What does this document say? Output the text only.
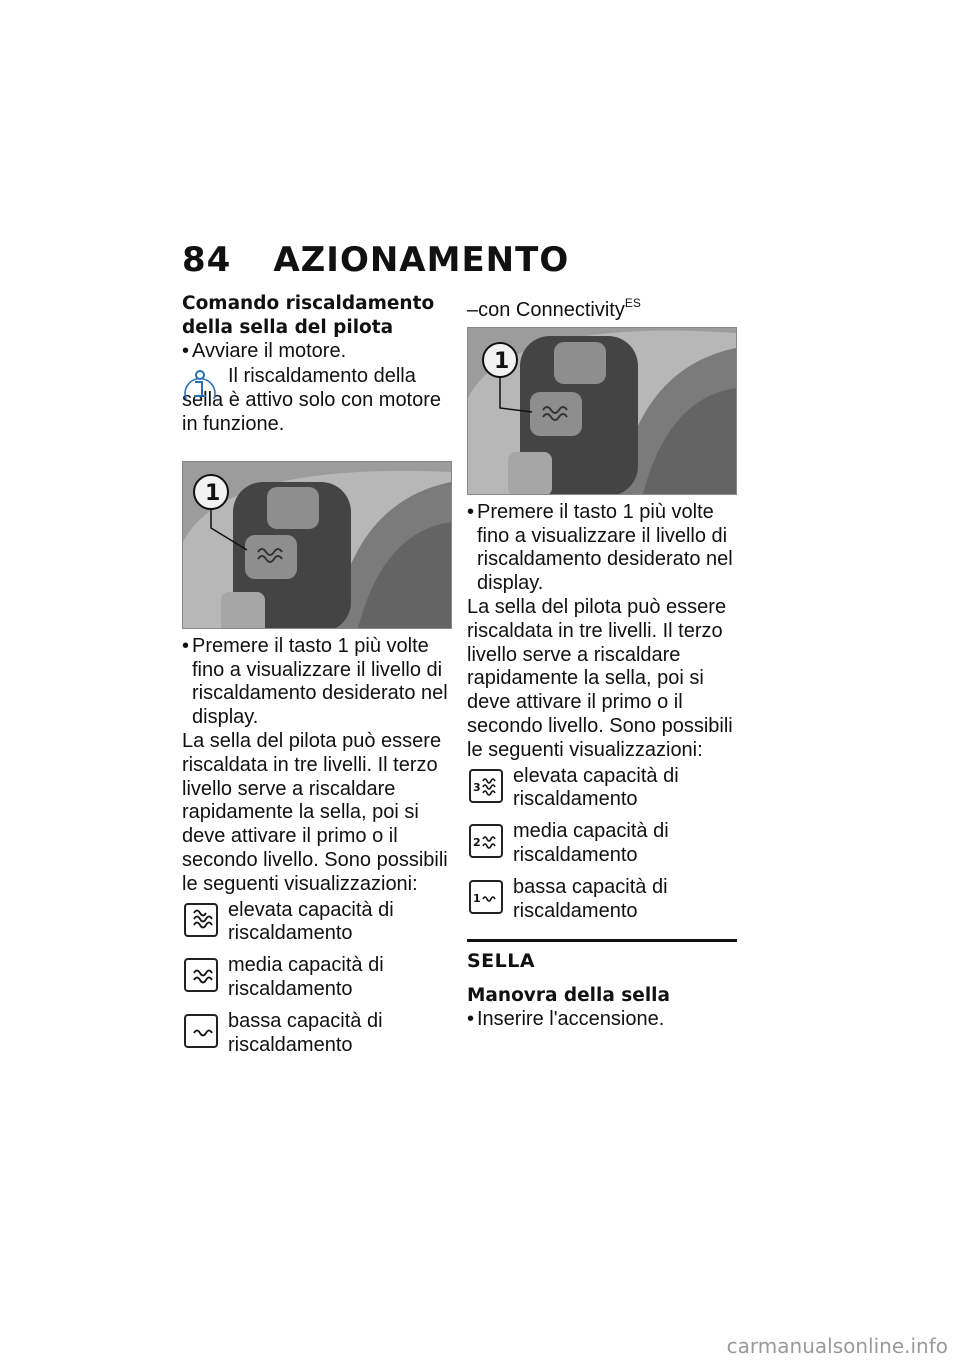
84 AZIONAMENTO
Comando riscaldamento della sella del pilota
• Avviare il motore.

Il riscaldamento della sella è attivo solo con motore in funzione.

1
• Premere il tasto 1 più volte fino a visualizzare il livello di riscaldamento desiderato nel display.

La sella del pilota può essere riscaldata in tre livelli. Il terzo livello serve a riscaldare rapidamente la sella, poi si deve attivare il primo o il secondo livello. Sono possibili le seguenti visualizzazioni:

elevata capacità di riscaldamento
media capacità di riscaldamento
bassa capacità di riscaldamento

–con Connectivity$^{ES}$

1
• Premere il tasto 1 più volte fino a visualizzare il livello di riscaldamento desiderato nel display.

La sella del pilota può essere riscaldata in tre livelli. Il terzo livello serve a riscaldare rapidamente la sella, poi si deve attivare il primo o il secondo livello. Sono possibili le seguenti visualizzazioni:

3
elevata capacità di riscaldamento
2
media capacità di riscaldamento
1
bassa capacità di riscaldamento
SELLA
Manovra della sella
• Inserire l'accensione.
carmanualsonline.info
